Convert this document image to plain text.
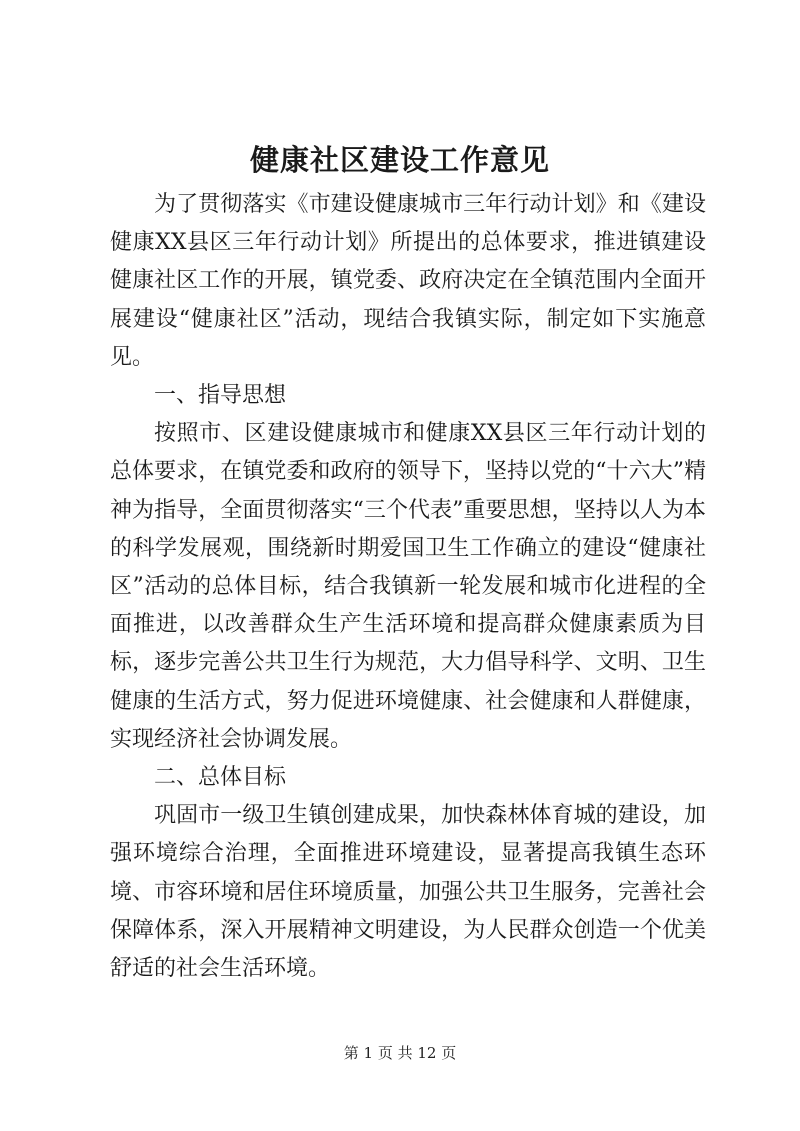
健康社区建设工作意见

为了贯彻落实《市建设健康城市三年行动计划》和《建设健康XX县区三年行动计划》所提出的总体要求，推进镇建设健康社区工作的开展，镇党委、政府决定在全镇范围内全面开展建设“健康社区”活动，现结合我镇实际，制定如下实施意见。

一、指导思想

按照市、区建设健康城市和健康XX县区三年行动计划的总体要求，在镇党委和政府的领导下，坚持以党的“十六大”精神为指导，全面贯彻落实“三个代表”重要思想，坚持以人为本的科学发展观，围绕新时期爱国卫生工作确立的建设“健康社区”活动的总体目标，结合我镇新一轮发展和城市化进程的全面推进，以改善群众生产生活环境和提高群众健康素质为目标，逐步完善公共卫生行为规范，大力倡导科学、文明、卫生健康的生活方式，努力促进环境健康、社会健康和人群健康，实现经济社会协调发展。

二、总体目标

巩固市一级卫生镇创建成果，加快森林体育城的建设，加强环境综合治理，全面推进环境建设，显著提高我镇生态环境、市容环境和居住环境质量，加强公共卫生服务，完善社会保障体系，深入开展精神文明建设，为人民群众创造一个优美舒适的社会生活环境。

第 1 页 共 12 页
